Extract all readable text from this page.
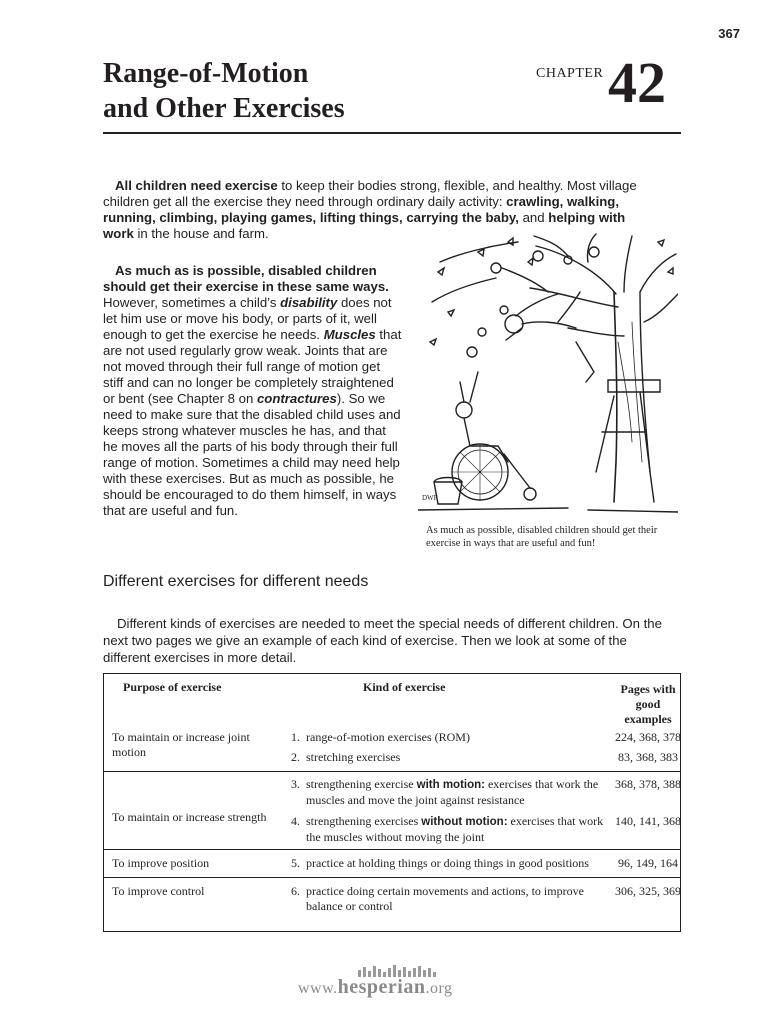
367
Range-of-Motion
and Other Exercises
CHAPTER 42
All children need exercise to keep their bodies strong, flexible, and healthy. Most village children get all the exercise they need through ordinary daily activity: crawling, walking, running, climbing, playing games, lifting things, carrying the baby, and helping with work in the house and farm.
As much as is possible, disabled children should get their exercise in these same ways. However, sometimes a child’s disability does not let him use or move his body, or parts of it, well enough to get the exercise he needs. Muscles that are not used regularly grow weak. Joints that are not moved through their full range of motion get stiff and can no longer be completely straightened or bent (see Chapter 8 on contractures). So we need to make sure that the disabled child uses and keeps strong whatever muscles he has, and that he moves all the parts of his body through their full range of motion. Sometimes a child may need help with these exercises. But as much as possible, he should be encouraged to do them himself, in ways that are useful and fun.
DWF
As much as possible, disabled children should get their exercise in ways that are useful and fun!
Different exercises for different needs
Different kinds of exercises are needed to meet the special needs of different children. On the next two pages we give an example of each kind of exercise. Then we look at some of the different exercises in more detail.
Purpose of exercise	Kind of exercise	Pages with good examples
To maintain or increase joint motion	1. range-of-motion exercises (ROM)	224, 368, 378

	2. stretching exercises	83, 368, 383
To maintain or increase strength	3. strengthening exercise with motion: exercises that work the muscles and move the joint against resistance	368, 378, 388

	4. strengthening exercises without motion: exercises that work the muscles without moving the joint	140, 141, 368
To improve position	5. practice at holding things or doing things in good positions	96, 149, 164
To improve control	6. practice doing certain movements and actions, to improve balance or control	306, 325, 369
www.hesperian.org
